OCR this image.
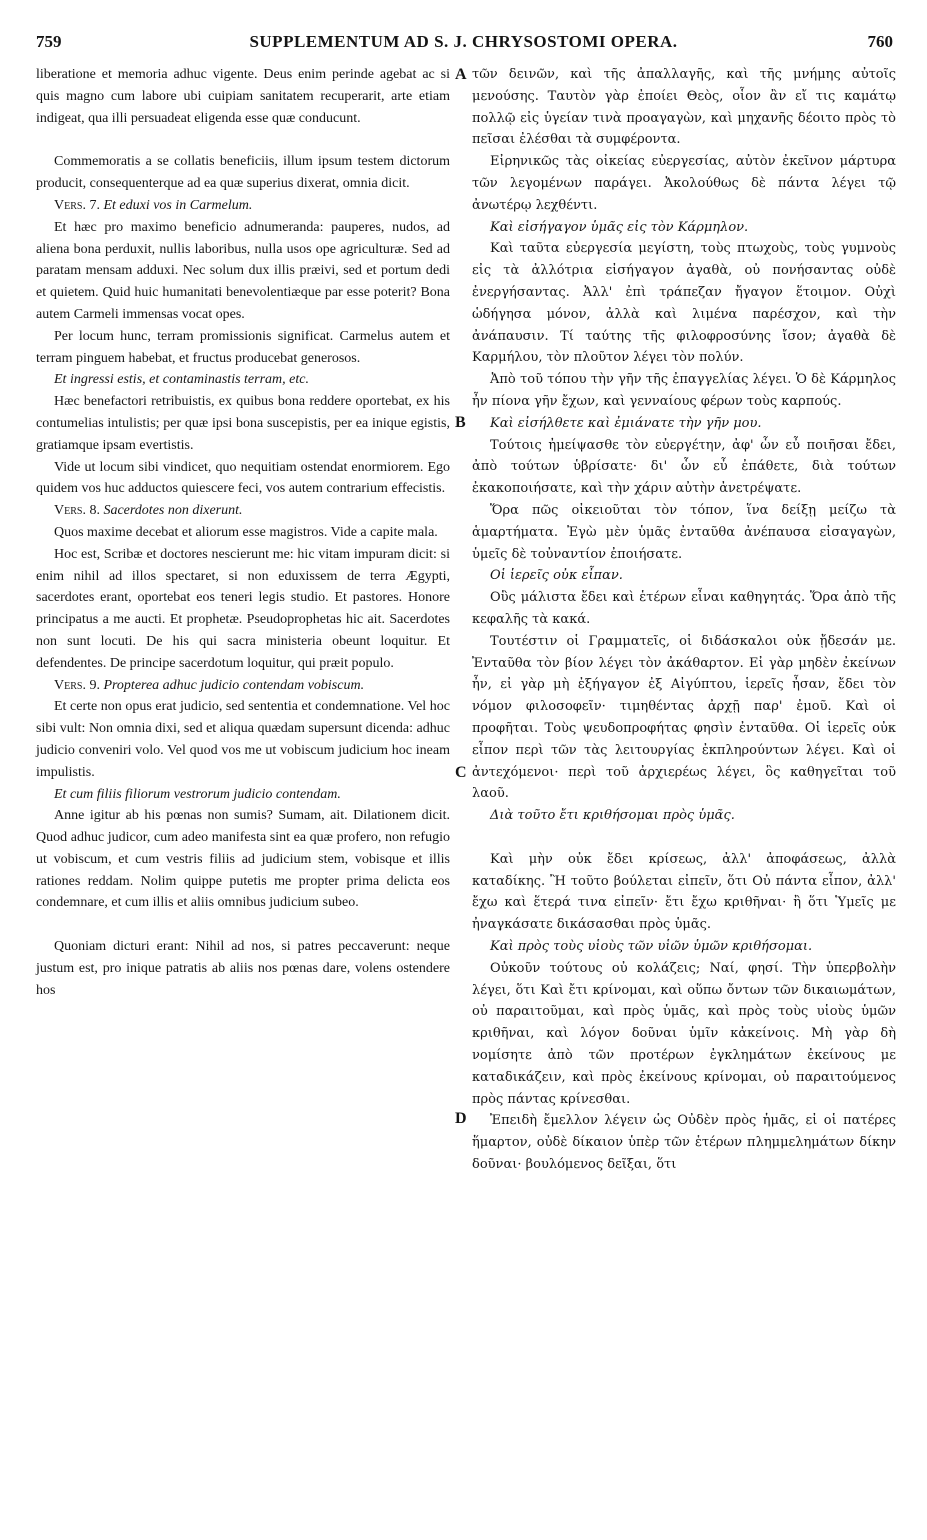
759	SUPPLEMENTUM AD S. J. CHRYSOSTOMI OPERA.	760
A
B
C
D

liberatione et memoria adhuc vigente. Deus enim perinde agebat ac si quis magno cum labore ubi cuipiam sanitatem recuperarit, arte etiam indigeat, qua illi persuadeat eligenda esse quæ conducunt.

Commemoratis a se collatis beneficiis, illum ipsum testem dictorum producit, consequenterque ad ea quæ superius dixerat, omnia dicit.

Vers. 7. Et eduxi vos in Carmelum.

Et hæc pro maximo beneficio adnumeranda: pauperes, nudos, ad aliena bona perduxit, nullis laboribus, nulla usos ope agriculturæ. Sed ad paratam mensam adduxi. Nec solum dux illis præivi, sed et portum dedi et quietem. Quid huic humanitati benevolentiæque par esse poterit? Bona autem Carmeli immensas vocat opes.

Per locum hunc, terram promissionis significat. Carmelus autem et terram pinguem habebat, et fructus producebat generosos.

Et ingressi estis, et contaminastis terram, etc.

Hæc benefactori retribuistis, ex quibus bona reddere oportebat, ex his contumelias intulistis; per quæ ipsi bona suscepistis, per ea inique egistis, gratiamque ipsam evertistis.

Vide ut locum sibi vindicet, quo nequitiam ostendat enormiorem. Ego quidem vos huc adductos quiescere feci, vos autem contrarium effecistis.

Vers. 8. Sacerdotes non dixerunt.

Quos maxime decebat et aliorum esse magistros. Vide a capite mala.

Hoc est, Scribæ et doctores nescierunt me: hic vitam impuram dicit: si enim nihil ad illos spectaret, si non eduxissem de terra Ægypti, sacerdotes erant, oportebat eos teneri legis studio. Et pastores. Honore principatus a me aucti. Et prophetæ. Pseudoprophetas hic ait. Sacerdotes non sunt locuti. De his qui sacra ministeria obeunt loquitur. Et defendentes. De principe sacerdotum loquitur, qui præit populo.

Vers. 9. Propterea adhuc judicio contendam vobiscum.

Et certe non opus erat judicio, sed sententia et condemnatione. Vel hoc sibi vult: Non omnia dixi, sed et aliqua quædam supersunt dicenda: adhuc judicio conveniri volo. Vel quod vos me ut vobiscum judicium hoc ineam impulistis.

Et cum filiis filiorum vestrorum judicio contendam.

Anne igitur ab his pœnas non sumis? Sumam, ait. Dilationem dicit. Quod adhuc judicor, cum adeo manifesta sint ea quæ profero, non refugio ut vobiscum, et cum vestris filiis ad judicium stem, vobisque et illis rationes reddam. Nolim quippe putetis me propter prima delicta eos condemnare, et cum illis et aliis omnibus judicium subeo.

Quoniam dicturi erant: Nihil ad nos, si patres peccaverunt: neque justum est, pro inique patratis ab aliis nos pœnas dare, volens ostendere hos

τῶν δεινῶν, καὶ τῆς ἀπαλλαγῆς, καὶ τῆς μνήμης αὐτοῖς μενούσης. Ταυτὸν γὰρ ἐποίει Θεὸς, οἷον ἂν εἴ τις καμάτῳ πολλῷ εἰς ὑγείαν τινὰ προαγαγὼν, καὶ μηχανῆς δέοιτο πρὸς τὸ πεῖσαι ἐλέσθαι τὰ συμφέροντα.

Εἰρηνικῶς τὰς οἰκείας εὐεργεσίας, αὐτὸν ἐκεῖνον μάρτυρα τῶν λεγομένων παράγει. Ἀκολούθως δὲ πάντα λέγει τῷ ἀνωτέρῳ λεχθέντι.

Καὶ εἰσήγαγον ὑμᾶς εἰς τὸν Κάρμηλον.

Καὶ ταῦτα εὐεργεσία μεγίστη, τοὺς πτωχοὺς, τοὺς γυμνοὺς εἰς τὰ ἀλλότρια εἰσήγαγον ἀγαθὰ, οὐ πονήσαντας οὐδὲ ἐνεργήσαντας. Ἀλλ' ἐπὶ τράπεζαν ἤγαγον ἕτοιμον. Οὐχὶ ὡδήγησα μόνον, ἀλλὰ καὶ λιμένα παρέσχον, καὶ τὴν ἀνάπαυσιν. Τί ταύτης τῆς φιλοφροσύνης ἴσον; ἀγαθὰ δὲ Καρμήλου, τὸν πλοῦτον λέγει τὸν πολύν.

Ἀπὸ τοῦ τόπου τὴν γῆν τῆς ἐπαγγελίας λέγει. Ὁ δὲ Κάρμηλος ἦν πίονα γῆν ἔχων, καὶ γενναίους φέρων τοὺς καρπούς.

Καὶ εἰσήλθετε καὶ ἐμιάνατε τὴν γῆν μου.

Τούτοις ἠμείψασθε τὸν εὐεργέτην, ἀφ' ὧν εὖ ποιῆσαι ἔδει, ἀπὸ τούτων ὑβρίσατε· δι' ὧν εὖ ἐπάθετε, διὰ τούτων ἐκακοποιήσατε, καὶ τὴν χάριν αὐτὴν ἀνετρέψατε.

Ὅρα πῶς οἰκειοῦται τὸν τόπον, ἵνα δείξῃ μείζω τὰ ἁμαρτήματα. Ἐγὼ μὲν ὑμᾶς ἐνταῦθα ἀνέπαυσα εἰσαγαγὼν, ὑμεῖς δὲ τοὐναντίον ἐποιήσατε.

Οἱ ἱερεῖς οὐκ εἶπαν.

Οὓς μάλιστα ἔδει καὶ ἑτέρων εἶναι καθηγητάς. Ὅρα ἀπὸ τῆς κεφαλῆς τὰ κακά.

Τουτέστιν οἱ Γραμματεῖς, οἱ διδάσκαλοι οὐκ ᾔδεσάν με. Ἐνταῦθα τὸν βίον λέγει τὸν ἀκάθαρτον. Εἰ γὰρ μηδὲν ἐκείνων ἦν, εἰ γὰρ μὴ ἐξήγαγον ἐξ Αἰγύπτου, ἱερεῖς ἦσαν, ἔδει τὸν νόμον φιλοσοφεῖν· τιμηθέντας ἀρχῇ παρ' ἐμοῦ. Καὶ οἱ προφῆται. Τοὺς ψευδοπροφήτας φησὶν ἐνταῦθα. Οἱ ἱερεῖς οὐκ εἶπον περὶ τῶν τὰς λειτουργίας ἐκπληρούντων λέγει. Καὶ οἱ ἀντεχόμενοι· περὶ τοῦ ἀρχιερέως λέγει, ὃς καθηγεῖται τοῦ λαοῦ.

Διὰ τοῦτο ἔτι κριθήσομαι πρὸς ὑμᾶς.

Καὶ μὴν οὐκ ἔδει κρίσεως, ἀλλ' ἀποφάσεως, ἀλλὰ καταδίκης. Ἢ τοῦτο βούλεται εἰπεῖν, ὅτι Οὐ πάντα εἶπον, ἀλλ' ἔχω καὶ ἕτερά τινα εἰπεῖν· ἔτι ἔχω κριθῆναι· ἢ ὅτι Ὑμεῖς με ἠναγκάσατε δικάσασθαι πρὸς ὑμᾶς.

Καὶ πρὸς τοὺς υἱοὺς τῶν υἱῶν ὑμῶν κριθήσομαι.

Οὐκοῦν τούτους οὐ κολάζεις; Ναί, φησί. Τὴν ὑπερβολὴν λέγει, ὅτι Καὶ ἔτι κρίνομαι, καὶ οὕπω ὄντων τῶν δικαιωμάτων, οὐ παραιτοῦμαι, καὶ πρὸς ὑμᾶς, καὶ πρὸς τοὺς υἱοὺς ὑμῶν κριθῆναι, καὶ λόγον δοῦναι ὑμῖν κἀκείνοις. Μὴ γὰρ δὴ νομίσητε ἀπὸ τῶν προτέρων ἐγκλημάτων ἐκείνους με καταδικάζειν, καὶ πρὸς ἐκείνους κρίνομαι, οὐ παραιτούμενος πρὸς πάντας κρίνεσθαι.

Ἐπειδὴ ἔμελλον λέγειν ὡς Οὐδὲν πρὸς ἡμᾶς, εἰ οἱ πατέρες ἥμαρτον, οὐδὲ δίκαιον ὑπὲρ τῶν ἑτέρων πλημμελημάτων δίκην δοῦναι· βουλόμενος δεῖξαι, ὅτι
